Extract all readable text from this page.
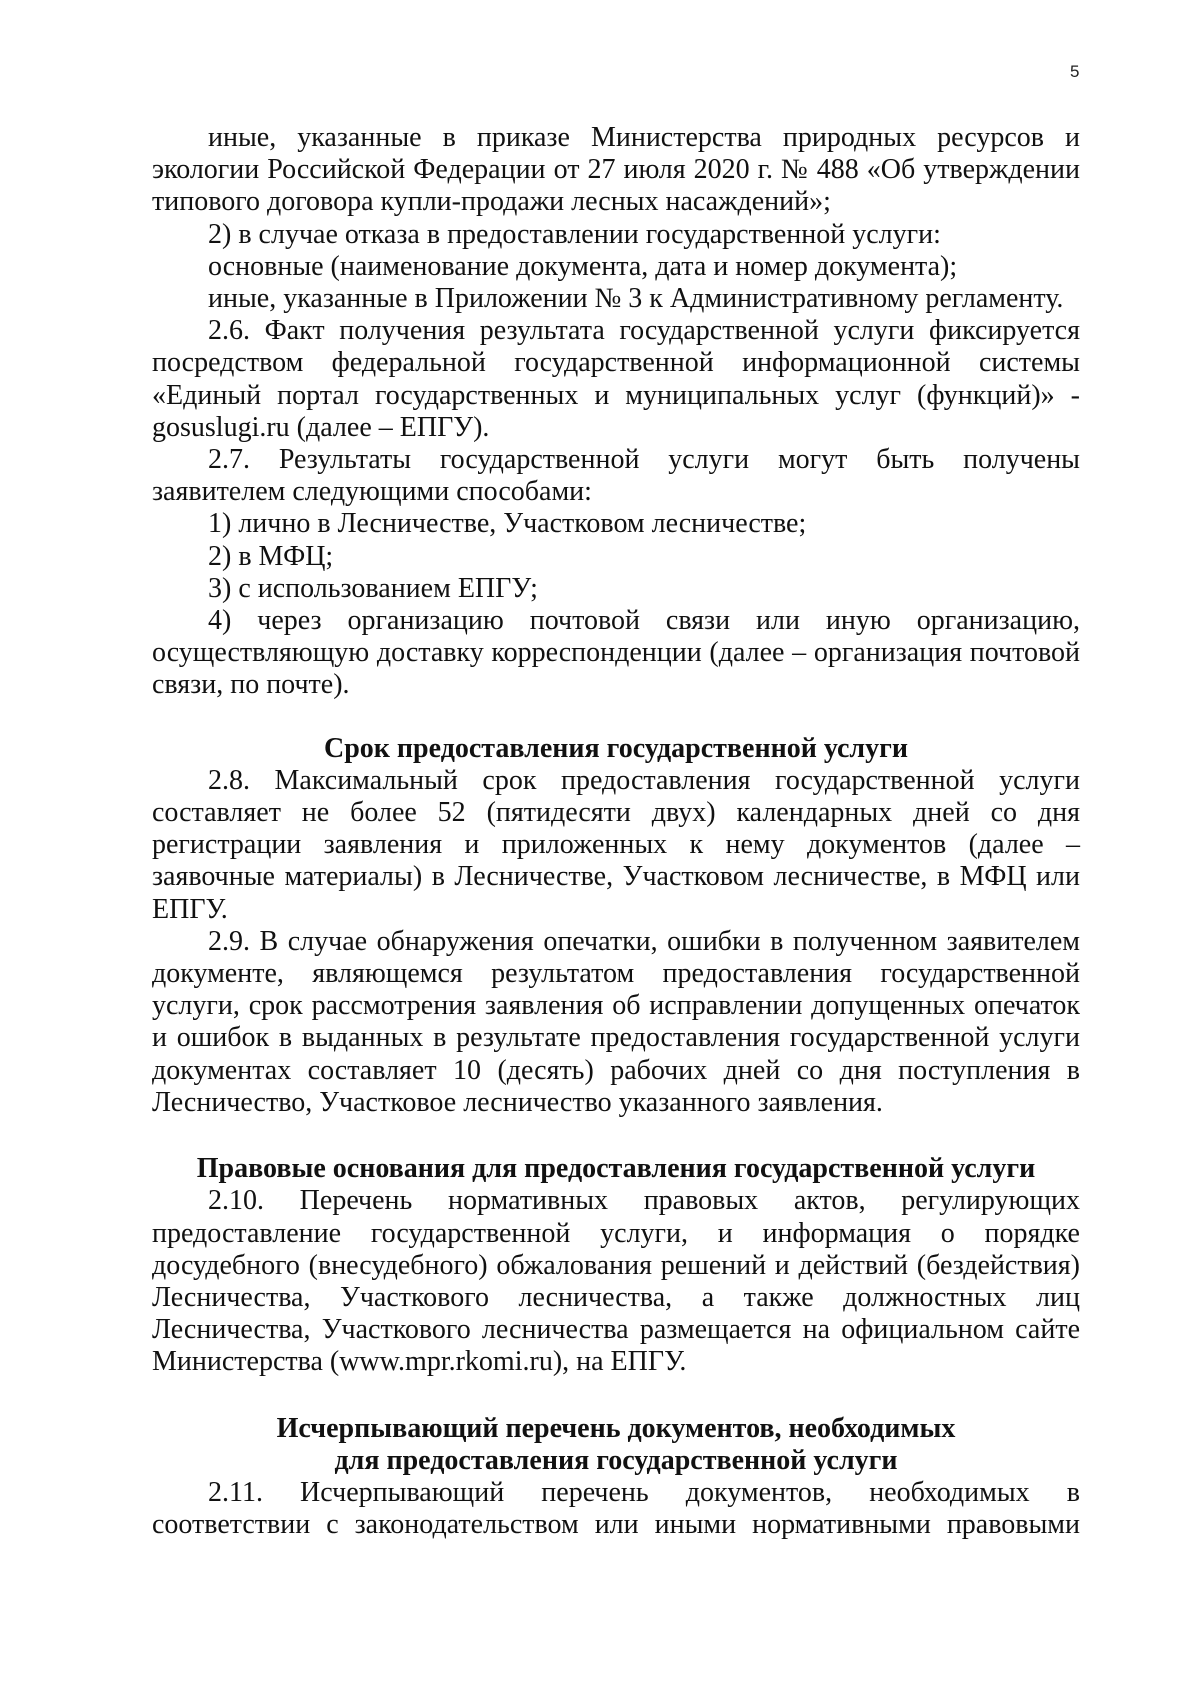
5

иные, указанные в приказе Министерства природных ресурсов и экологии Российской Федерации от 27 июля 2020 г. № 488 «Об утверждении типового договора купли-продажи лесных насаждений»;

2) в случае отказа в предоставлении государственной услуги:

основные (наименование документа, дата и номер документа);

иные, указанные в Приложении № 3 к Административному регламенту.

2.6. Факт получения результата государственной услуги фиксируется посредством федеральной государственной информационной системы «Единый портал государственных и муниципальных услуг (функций)» - gosuslugi.ru (далее – ЕПГУ).

2.7. Результаты государственной услуги могут быть получены заявителем следующими способами:

1) лично в Лесничестве, Участковом лесничестве;

2) в МФЦ;

3) с использованием ЕПГУ;

4) через организацию почтовой связи или иную организацию, осуществляющую доставку корреспонденции (далее – организация почтовой связи, по почте).

Срок предоставления государственной услуги

2.8. Максимальный срок предоставления государственной услуги составляет не более 52 (пятидесяти двух) календарных дней со дня регистрации заявления и приложенных к нему документов (далее – заявочные материалы) в Лесничестве, Участковом лесничестве, в МФЦ или ЕПГУ.

2.9. В случае обнаружения опечатки, ошибки в полученном заявителем документе, являющемся результатом предоставления государственной услуги, срок рассмотрения заявления об исправлении допущенных опечаток и ошибок в выданных в результате предоставления государственной услуги документах составляет 10 (десять) рабочих дней со дня поступления в Лесничество, Участковое лесничество указанного заявления.

Правовые основания для предоставления государственной услуги

2.10. Перечень нормативных правовых актов, регулирующих предоставление государственной услуги, и информация о порядке досудебного (внесудебного) обжалования решений и действий (бездействия) Лесничества, Участкового лесничества, а также должностных лиц Лесничества, Участкового лесничества размещается на официальном сайте Министерства (www.mpr.rkomi.ru), на ЕПГУ.

Исчерпывающий перечень документов, необходимых

для предоставления государственной услуги

2.11. Исчерпывающий перечень документов, необходимых в соответствии с законодательством или иными нормативными правовыми
